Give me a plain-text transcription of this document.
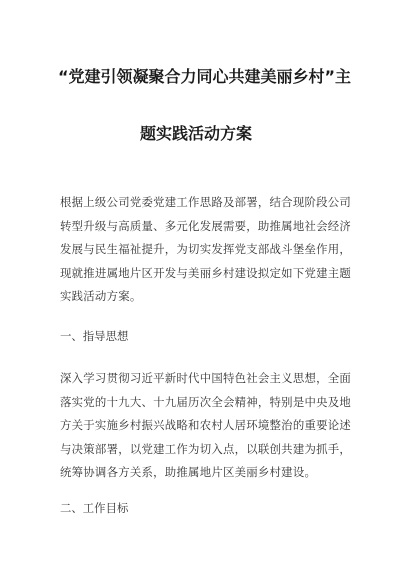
“党建引领凝聚合力同心共建美丽乡村”主
题实践活动方案
根据上级公司党委党建工作思路及部署，结合现阶段公司
转型升级与高质量、多元化发展需要，助推属地社会经济
发展与民生福祉提升，为切实发挥党支部战斗堡垒作用，
现就推进属地片区开发与美丽乡村建设拟定如下党建主题
实践活动方案。
一、指导思想
深入学习贯彻习近平新时代中国特色社会主义思想，全面
落实党的十九大、十九届历次全会精神，特别是中央及地
方关于实施乡村振兴战略和农村人居环境整治的重要论述
与决策部署，以党建工作为切入点，以联创共建为抓手，
统筹协调各方关系，助推属地片区美丽乡村建设。
二、工作目标
